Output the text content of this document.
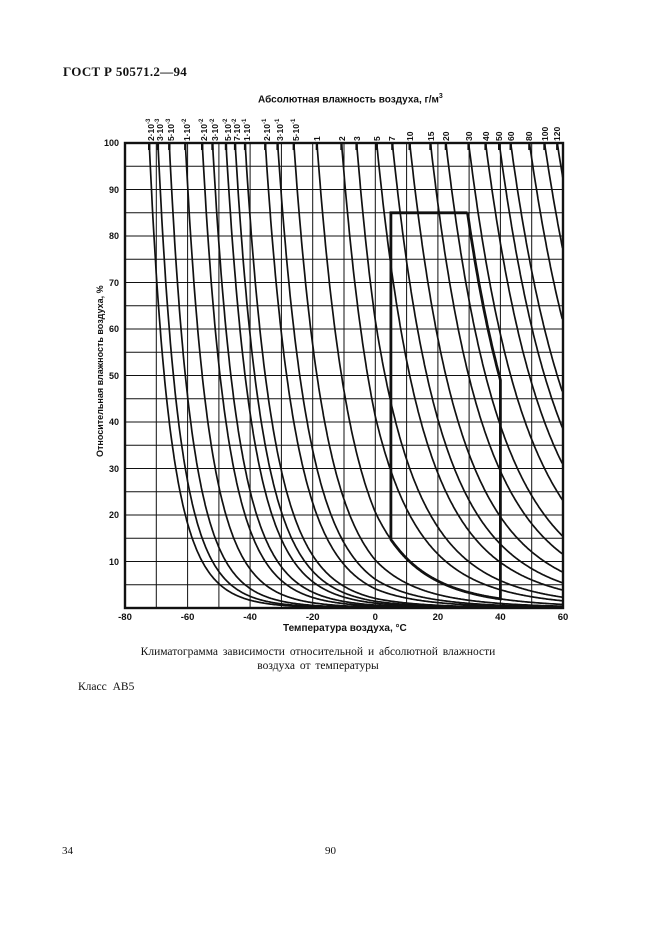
ГОСТ Р 50571.2—94
Абсолютная влажность воздуха, $г/м^3$
Относительная влажность воздуха, %
Температура воздуха, °С
Климатограмма зависимости относительной и абсолютной влажности
воздуха от температуры
Класс АВ5
34	90
$2\cdot 10^{-3}$
$3\cdot 10^{-3}$
$5\cdot 10^{-3}$
$1\cdot 10^{-2}$
$2\cdot 10^{-2}$
$3\cdot 10^{-2}$
$5\cdot 10^{-2}$
$7\cdot 10^{-2}$
$1\cdot 10^{-1}$
$2\cdot 10^{-1}$
$3\cdot 10^{-1}$
$5\cdot 10^{-1}$
1 2 3 5 7 10 15 20 30 40 50 60 80 100 120
100
90
80
70
60
50
40
30
20
10
-80	-60	-40	-20	0	20	40	60
